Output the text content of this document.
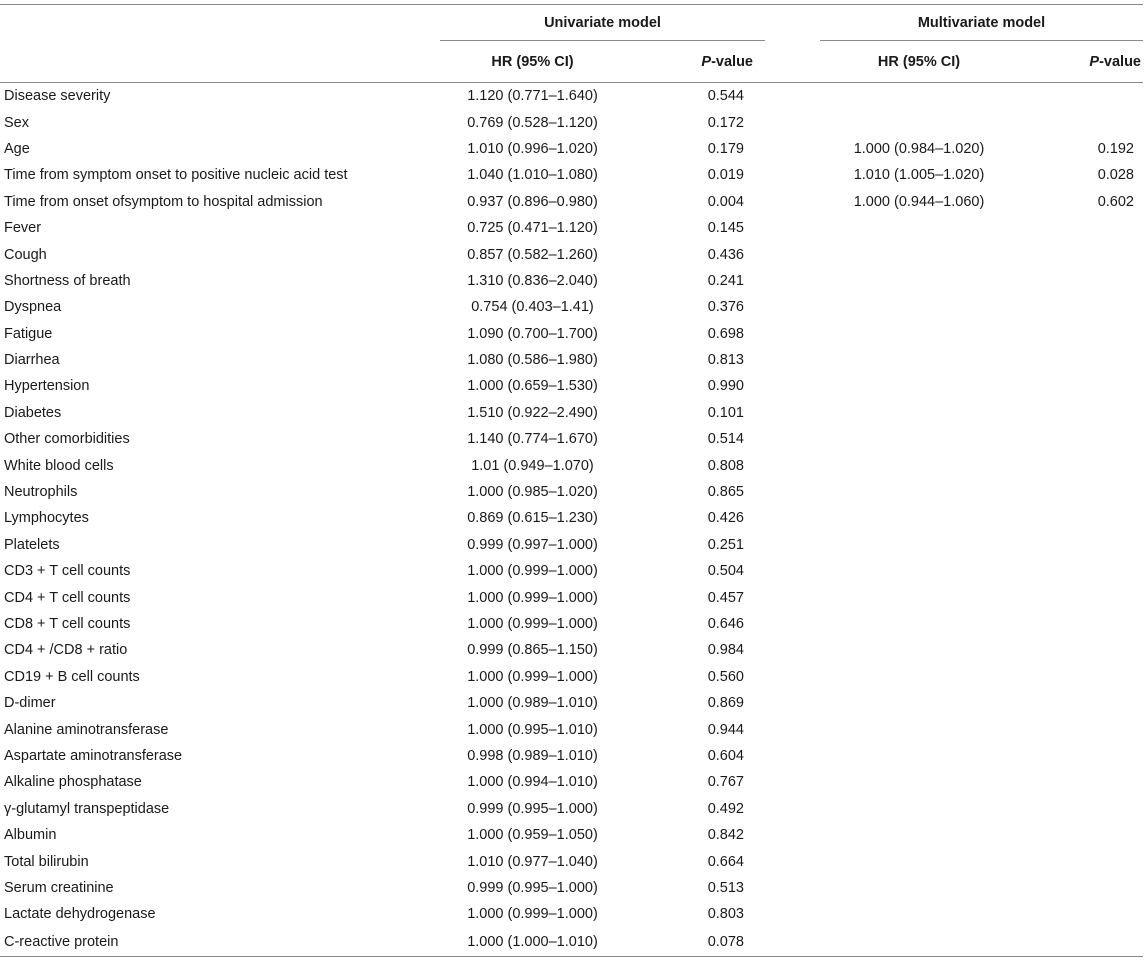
	Univariate model			Multivariate model	
	HR (95% CI)	P-value		HR (95% CI)	P-value
Disease severity	1.120 (0.771–1.640)	0.544			
Sex	0.769 (0.528–1.120)	0.172			
Age	1.010 (0.996–1.020)	0.179		1.000 (0.984–1.020)	0.192
Time from symptom onset to positive nucleic acid test	1.040 (1.010–1.080)	0.019		1.010 (1.005–1.020)	0.028
Time from onset ofsymptom to hospital admission	0.937 (0.896–0.980)	0.004		1.000 (0.944–1.060)	0.602
Fever	0.725 (0.471–1.120)	0.145			
Cough	0.857 (0.582–1.260)	0.436			
Shortness of breath	1.310 (0.836–2.040)	0.241			
Dyspnea	0.754 (0.403–1.41)	0.376			
Fatigue	1.090 (0.700–1.700)	0.698			
Diarrhea	1.080 (0.586–1.980)	0.813			
Hypertension	1.000 (0.659–1.530)	0.990			
Diabetes	1.510 (0.922–2.490)	0.101			
Other comorbidities	1.140 (0.774–1.670)	0.514			
White blood cells	1.01 (0.949–1.070)	0.808			
Neutrophils	1.000 (0.985–1.020)	0.865			
Lymphocytes	0.869 (0.615–1.230)	0.426			
Platelets	0.999 (0.997–1.000)	0.251			
CD3 + T cell counts	1.000 (0.999–1.000)	0.504			
CD4 + T cell counts	1.000 (0.999–1.000)	0.457			
CD8 + T cell counts	1.000 (0.999–1.000)	0.646			
CD4 + /CD8 + ratio	0.999 (0.865–1.150)	0.984			
CD19 + B cell counts	1.000 (0.999–1.000)	0.560			
D-dimer	1.000 (0.989–1.010)	0.869			
Alanine aminotransferase	1.000 (0.995–1.010)	0.944			
Aspartate aminotransferase	0.998 (0.989–1.010)	0.604			
Alkaline phosphatase	1.000 (0.994–1.010)	0.767			
γ-glutamyl transpeptidase	0.999 (0.995–1.000)	0.492			
Albumin	1.000 (0.959–1.050)	0.842			
Total bilirubin	1.010 (0.977–1.040)	0.664			
Serum creatinine	0.999 (0.995–1.000)	0.513			
Lactate dehydrogenase	1.000 (0.999–1.000)	0.803			
C-reactive protein	1.000 (1.000–1.010)	0.078			
